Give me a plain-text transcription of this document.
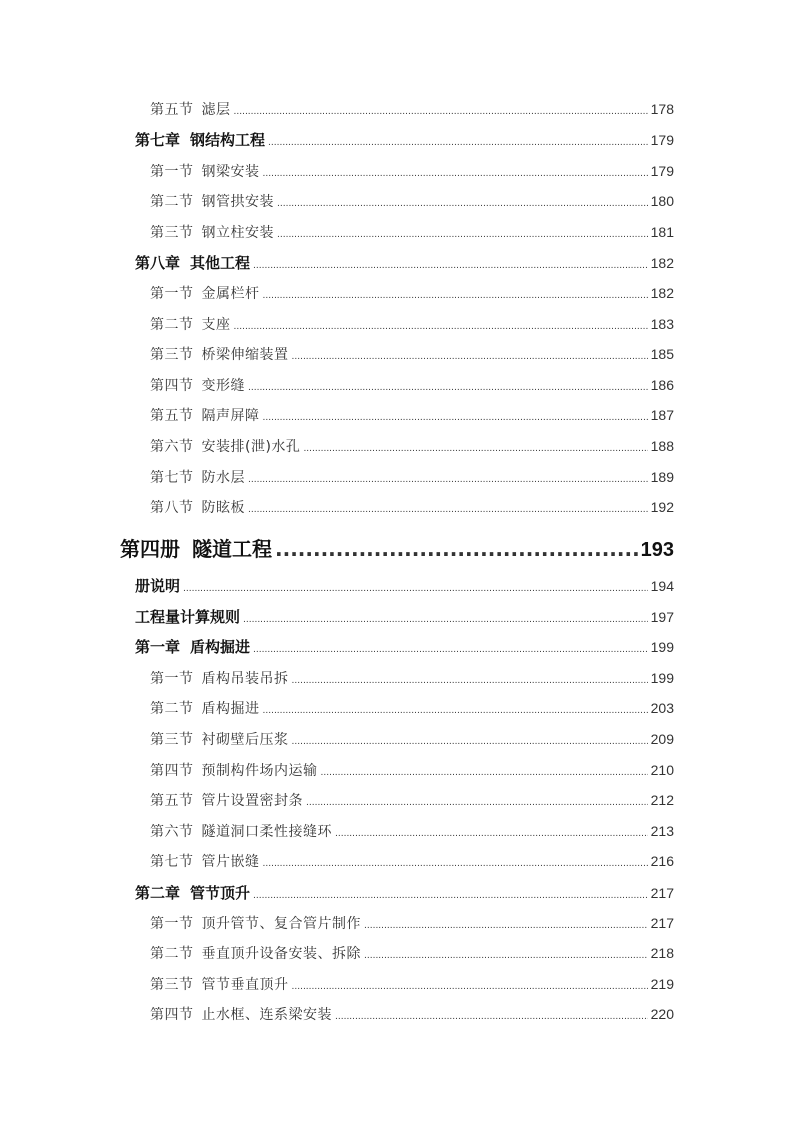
第五节 滤层 .....	178
第七章 钢结构工程 .....	179
第一节 钢梁安装 .....	179
第二节 钢管拱安装 .....	180
第三节 钢立柱安装 .....	181
第八章 其他工程 .....	182
第一节 金属栏杆 .....	182
第二节 支座 .....	183
第三节 桥梁伸缩装置 .....	185
第四节 变形缝 .....	186
第五节 隔声屏障 .....	187
第六节 安装排(泄)水孔 .....	188
第七节 防水层 .....	189
第八节 防眩板 .....	192
第四册 隧道工程 .....	193
册说明 .....	194
工程量计算规则 .....	197
第一章 盾构掘进 .....	199
第一节 盾构吊装吊拆 .....	199
第二节 盾构掘进 .....	203
第三节 衬砌壁后压浆 .....	209
第四节 预制构件场内运输 .....	210
第五节 管片设置密封条 .....	212
第六节 隧道洞口柔性接缝环 .....	213
第七节 管片嵌缝 .....	216
第二章 管节顶升 .....	217
第一节 顶升管节、复合管片制作 .....	217
第二节 垂直顶升设备安装、拆除 .....	218
第三节 管节垂直顶升 .....	219
第四节 止水框、连系梁安装 .....	220
